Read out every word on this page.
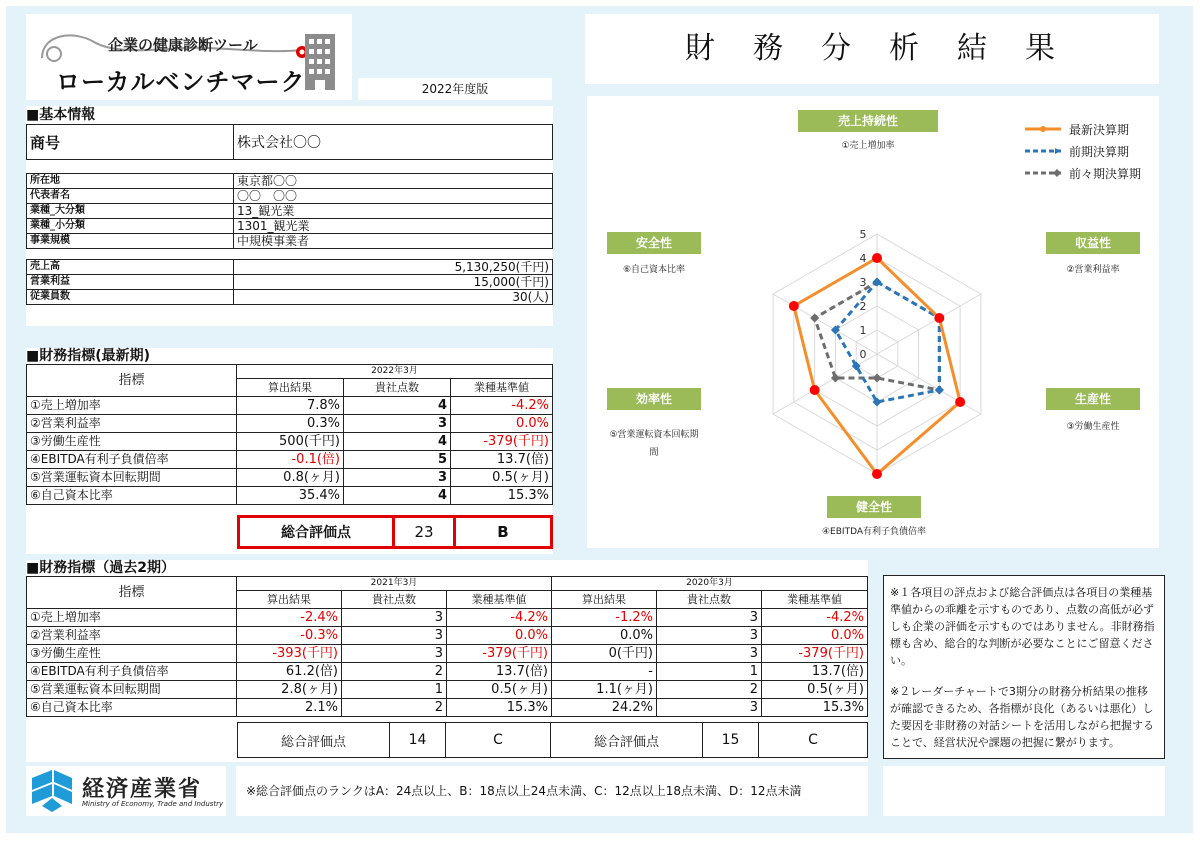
企業の健康診断ツール
ローカルベンチマーク	2022年度版
財　務　分　析　結　果
■基本情報
商号	株式会社〇〇
所在地	東京都〇〇
代表者名	〇〇　〇〇
業種_大分類	13_観光業
業種_小分類	1301_観光業
事業規模	中規模事業者
売上高	5,130,250(千円)
営業利益	15,000(千円)
従業員数	30(人)
■財務指標(最新期)
指標	2022年3月		
	算出結果	貴社点数	業種基準値
①売上増加率	7.8%	4	-4.2%
②営業利益率	0.3%	3	0.0%
③労働生産性	500(千円)	4	-379(千円)
④EBITDA有利子負債倍率	-0.1(倍)	5	13.7(倍)
⑤営業運転資本回転期間	0.8(ヶ月)	3	0.5(ヶ月)
⑥自己資本比率	35.4%	4	15.3%
総合評価点	23	B
0
1
2
3
4
5
売上持続性
①売上増加率
収益性
②営業利益率
生産性
③労働生産性
健全性
④EBITDA有利子負債倍率
効率性
⑤営業運転資本回転期間
安全性
⑥自己資本比率
最新決算期
前期決算期
前々期決算期
■財務指標（過去2期）
指標	2021年3月			2020年3月		
	算出結果	貴社点数	業種基準値	算出結果	貴社点数	業種基準値
①売上増加率	-2.4%	3	-4.2%	-1.2%	3	-4.2%
②営業利益率	-0.3%	3	0.0%	0.0%	3	0.0%
③労働生産性	-393(千円)	3	-379(千円)	0(千円)	3	-379(千円)
④EBITDA有利子負債倍率	61.2(倍)	2	13.7(倍)	-	1	13.7(倍)
⑤営業運転資本回転期間	2.8(ヶ月)	1	0.5(ヶ月)	1.1(ヶ月)	2	0.5(ヶ月)
⑥自己資本比率	2.1%	2	15.3%	24.2%	3	15.3%
総合評価点	14	C	総合評価点	15	C
※１各項目の評点および総合評価点は各項目の業種基準値からの乖離を示すものであり、点数の高低が必ずしも企業の評価を示すものではありません。非財務指標も含め、総合的な判断が必要なことにご留意ください。
※２レーダーチャートで3期分の財務分析結果の推移が確認できるため、各指標が良化（あるいは悪化）した要因を非財務の対話シートを活用しながら把握することで、経営状況や課題の把握に繋がります。
経済産業省
Ministry of Economy, Trade and Industry
※総合評価点のランクはA：24点以上、B：18点以上24点未満、C：12点以上18点未満、D：12点未満
